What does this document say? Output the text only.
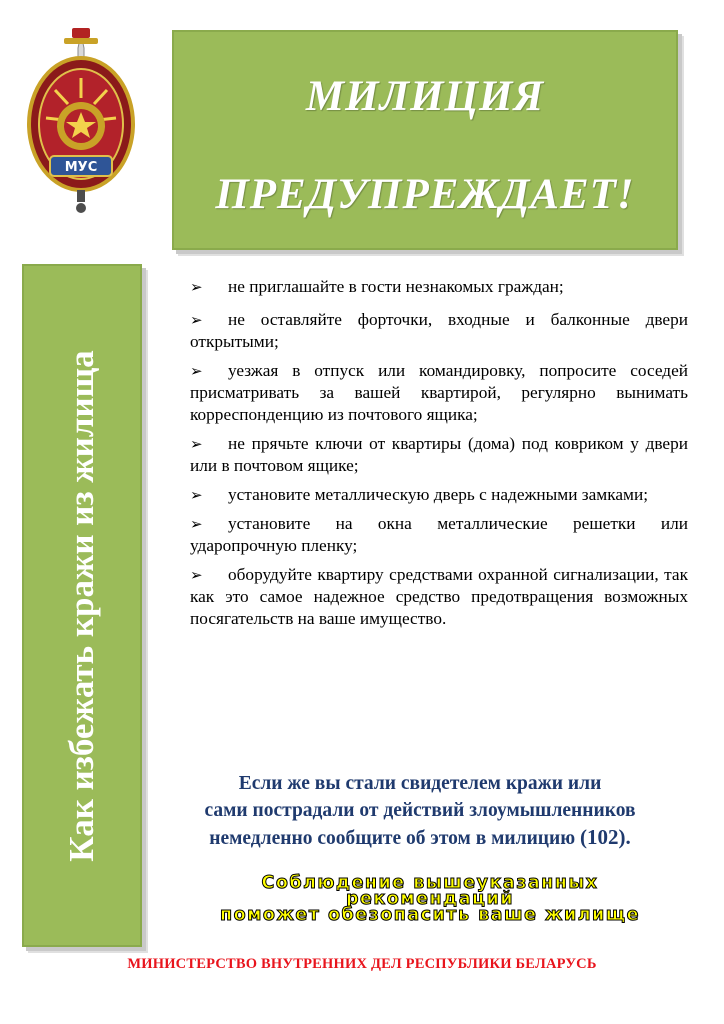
МУС
МИЛИЦИЯ
ПРЕДУПРЕЖДАЕТ!
Как избежать кражи из жилища
➢ не приглашайте в гости незнакомых граждан;
➢ не оставляйте форточки, входные и балконные двери открытыми;
➢ уезжая в отпуск или командировку, попросите соседей присматривать за вашей квартирой, регулярно вынимать корреспонденцию из почтового ящика;
➢ не прячьте ключи от квартиры (дома) под ковриком у двери или в почтовом ящике;
➢ установите металлическую дверь с надежными замками;
➢ установите на окна металлические решетки или ударопрочную пленку;
➢ оборудуйте квартиру средствами охранной сигнализации, так как это самое надежное средство предотвращения возможных посягательств на ваше имущество.
Если же вы стали свидетелем кражи или
сами пострадали от действий злоумышленников
немедленно сообщите об этом в милицию (102).
Соблюдение вышеуказанных
рекомендаций
поможет обезопасить ваше жилище
МИНИСТЕРСТВО ВНУТРЕННИХ ДЕЛ РЕСПУБЛИКИ БЕЛАРУСЬ
